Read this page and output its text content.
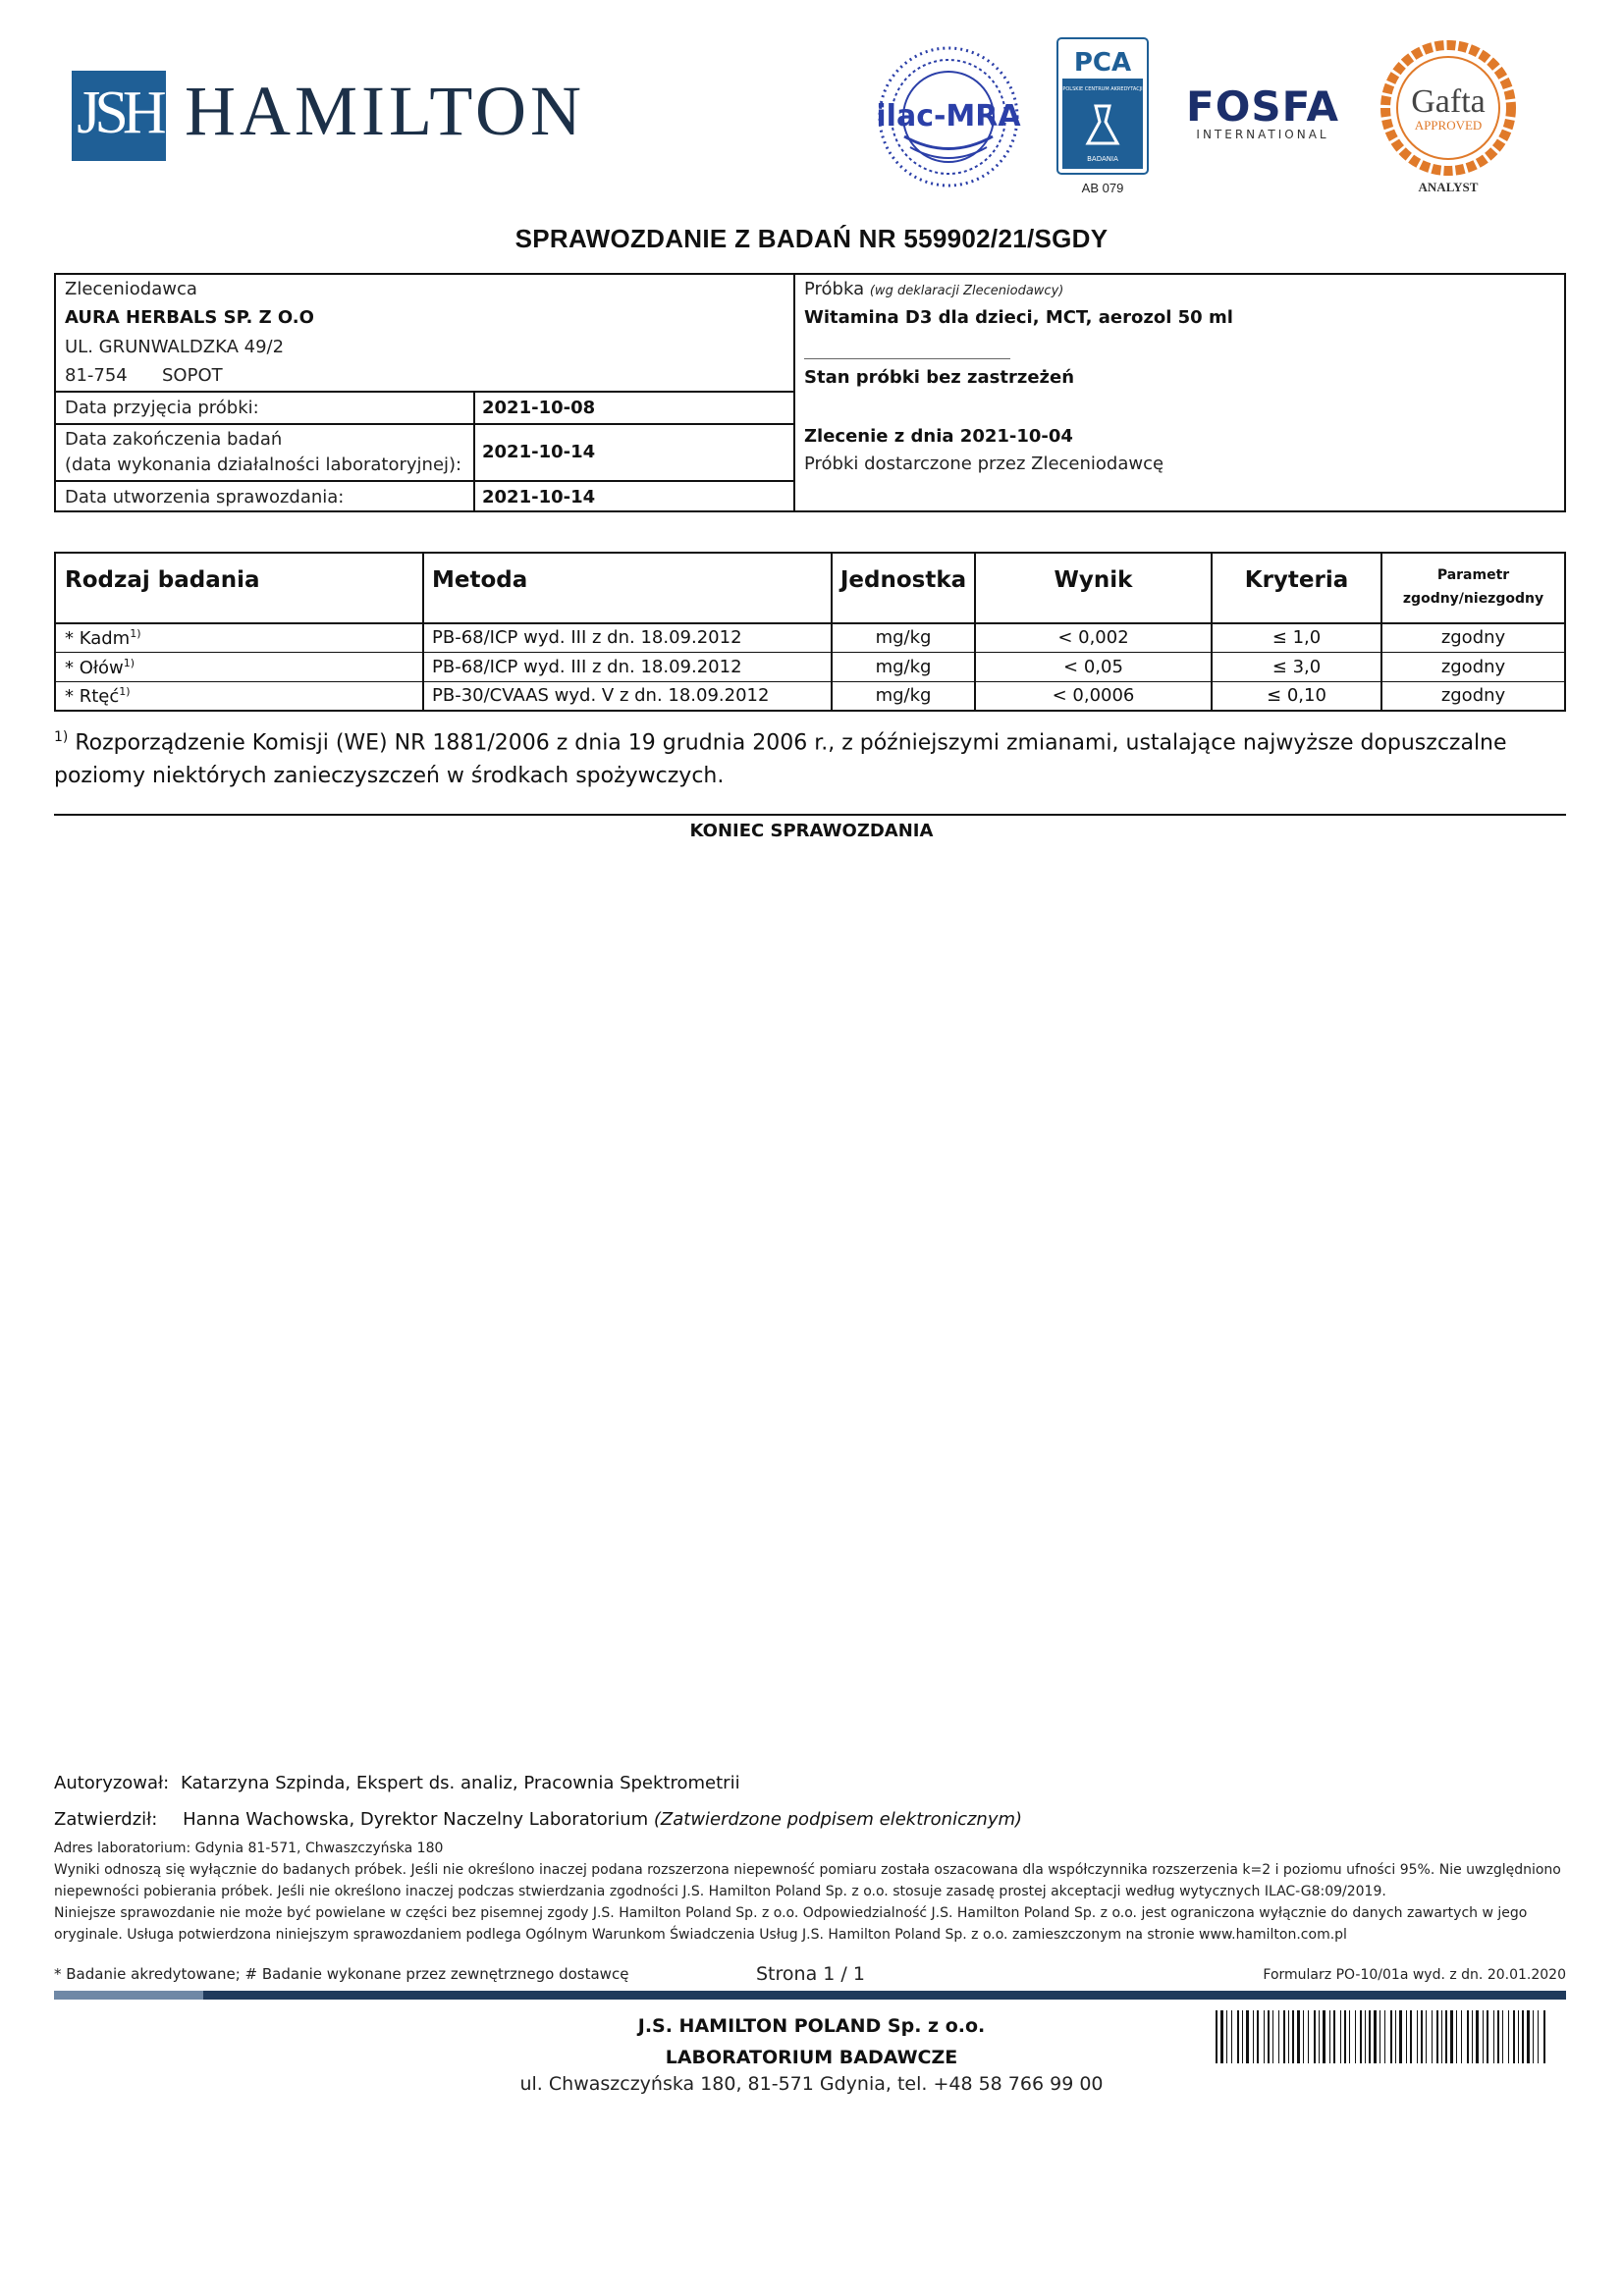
JSH HAMILTON	ilac-MRA
PCA
POLSKIE CENTRUM AKREDYTACJI
BADANIA
AB 079
FOSFA
INTERNATIONAL
Gafta
APPROVED
ANALYST
SPRAWOZDANIE Z BADAŃ NR 559902/21/SGDY
Zleceniodawca
AURA HERBALS SP. Z O.O
UL. GRUNWALDZKA 49/2
81-754 SOPOT
Data przyjęcia próbki:	2021-10-08
Data zakończenia badań
(data wykonania działalności laboratoryjnej):
2021-10-14
Data utworzenia sprawozdania:	2021-10-14
Próbka (wg deklaracji Zleceniodawcy)
Witamina D3 dla dzieci, MCT, aerozol 50 ml
Stan próbki bez zastrzeżeń
Zlecenie z dnia 2021-10-04
Próbki dostarczone przez Zleceniodawcę
Rodzaj badania	Metoda	Jednostka	Wynik	Kryteria	Parametr
zgodny/niezgodny
* Kadm$^{1)}$	PB-68/ICP wyd. III z dn. 18.09.2012	mg/kg	< 0,002	≤ 1,0	zgodny
* Ołów$^{1)}$	PB-68/ICP wyd. III z dn. 18.09.2012	mg/kg	< 0,05	≤ 3,0	zgodny
* Rtęć$^{1)}$	PB-30/CVAAS wyd. V z dn. 18.09.2012	mg/kg	< 0,0006	≤ 0,10	zgodny
$^{1)}$ Rozporządzenie Komisji (WE) NR 1881/2006 z dnia 19 grudnia 2006 r., z późniejszymi zmianami, ustalające najwyższe dopuszczalne poziomy niektórych zanieczyszczeń w środkach spożywczych.
KONIEC SPRAWOZDANIA
Autoryzował: Katarzyna Szpinda, Ekspert ds. analiz, Pracownia Spektrometrii
Zatwierdził: Hanna Wachowska, Dyrektor Naczelny Laboratorium (Zatwierdzone podpisem elektronicznym)
Adres laboratorium: Gdynia 81-571, Chwaszczyńska 180
Wyniki odnoszą się wyłącznie do badanych próbek. Jeśli nie określono inaczej podana rozszerzona niepewność pomiaru została oszacowana dla współczynnika rozszerzenia k=2 i poziomu ufności 95%. Nie uwzględniono niepewności pobierania próbek. Jeśli nie określono inaczej podczas stwierdzania zgodności J.S. Hamilton Poland Sp. z o.o. stosuje zasadę prostej akceptacji według wytycznych ILAC-G8:09/2019.
Niniejsze sprawozdanie nie może być powielane w części bez pisemnej zgody J.S. Hamilton Poland Sp. z o.o. Odpowiedzialność J.S. Hamilton Poland Sp. z o.o. jest ograniczona wyłącznie do danych zawartych w jego oryginale. Usługa potwierdzona niniejszym sprawozdaniem podlega Ogólnym Warunkom Świadczenia Usług J.S. Hamilton Poland Sp. z o.o. zamieszczonym na stronie www.hamilton.com.pl
* Badanie akredytowane; # Badanie wykonane przez zewnętrznego dostawcę	Strona 1 / 1	Formularz PO-10/01a wyd. z dn. 20.01.2020
J.S. HAMILTON POLAND Sp. z o.o.
LABORATORIUM BADAWCZE
ul. Chwaszczyńska 180, 81-571 Gdynia, tel. +48 58 766 99 00
